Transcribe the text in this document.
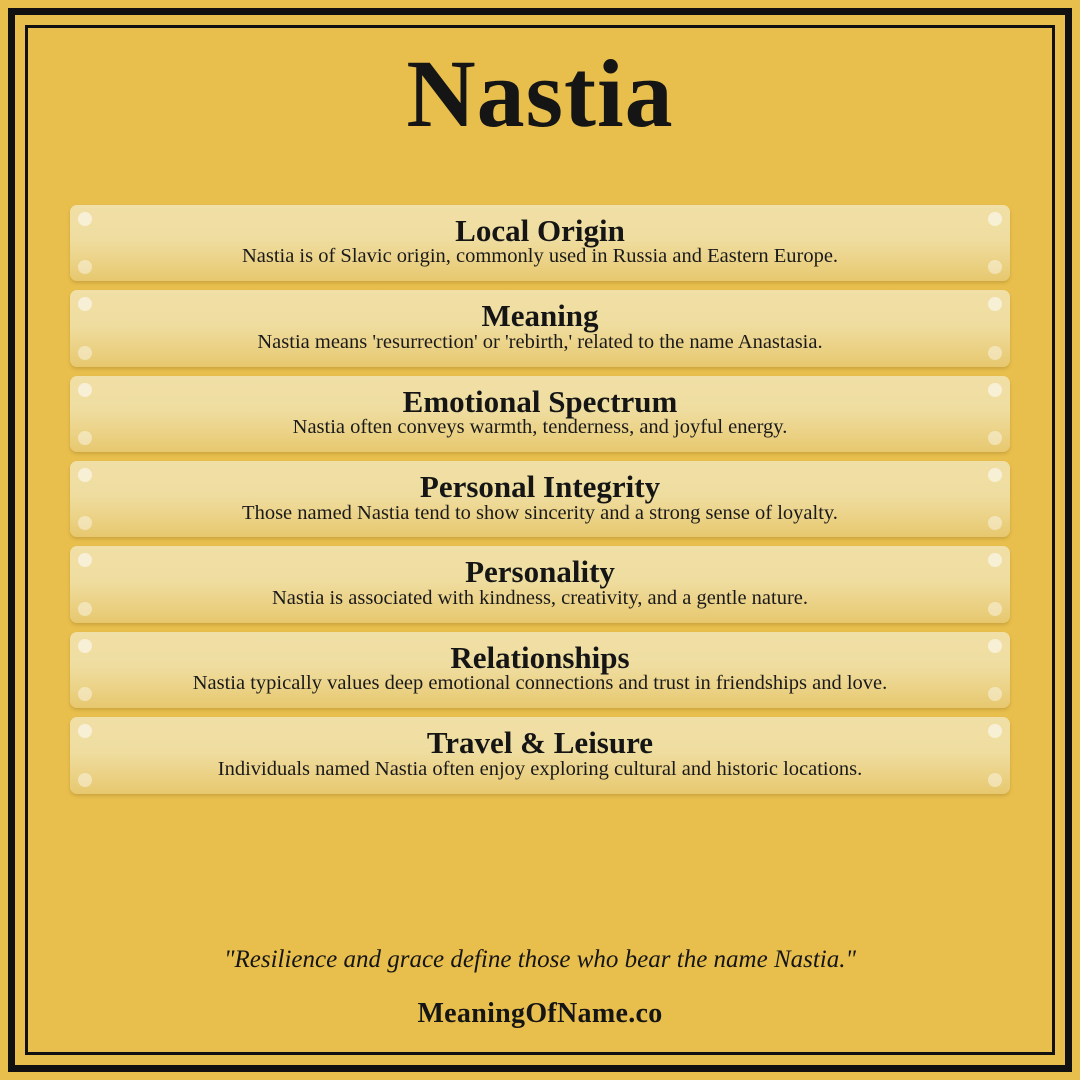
Nastia
Local Origin
Nastia is of Slavic origin, commonly used in Russia and Eastern Europe.
Meaning
Nastia means 'resurrection' or 'rebirth,' related to the name Anastasia.
Emotional Spectrum
Nastia often conveys warmth, tenderness, and joyful energy.
Personal Integrity
Those named Nastia tend to show sincerity and a strong sense of loyalty.
Personality
Nastia is associated with kindness, creativity, and a gentle nature.
Relationships
Nastia typically values deep emotional connections and trust in friendships and love.
Travel & Leisure
Individuals named Nastia often enjoy exploring cultural and historic locations.

"Resilience and grace define those who bear the name Nastia."

MeaningOfName.co
